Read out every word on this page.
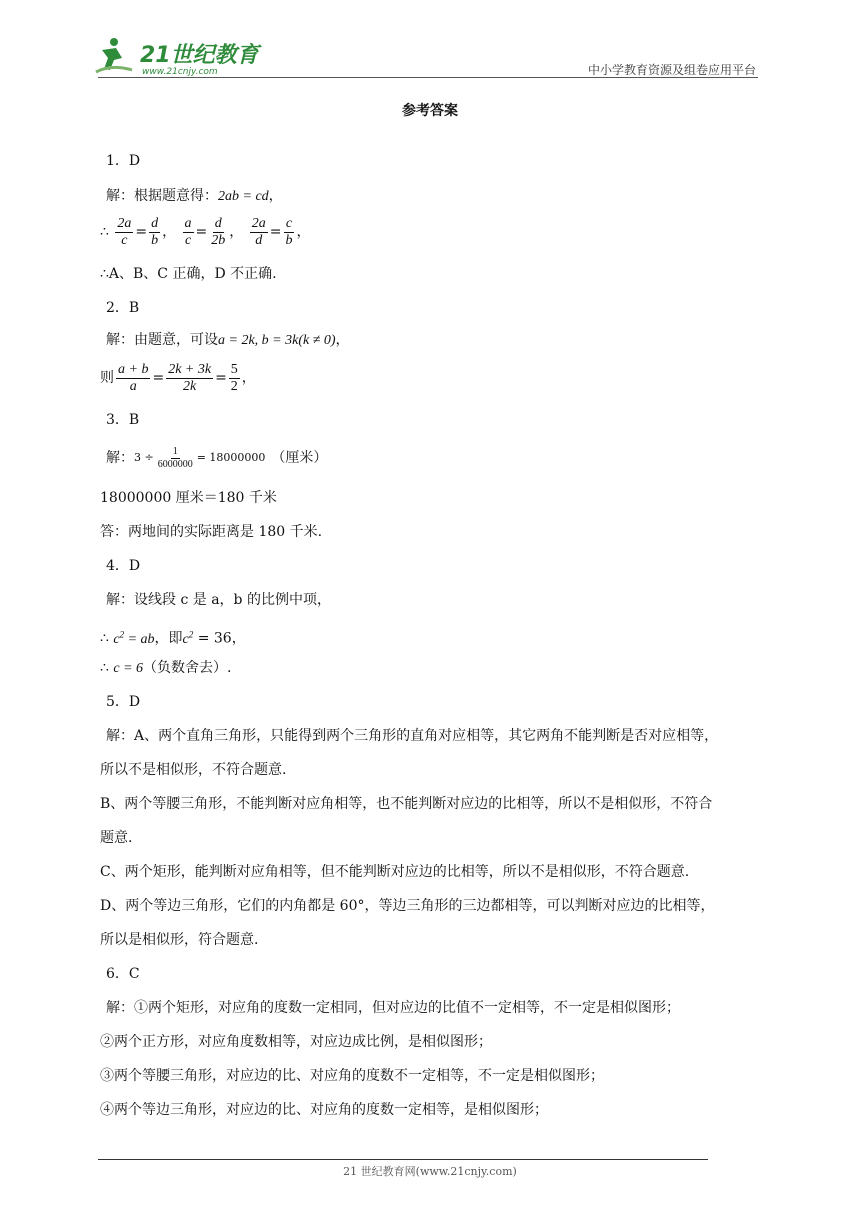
21世纪教育
www.21cnjy.com	中小学教育资源及组卷应用平台
参考答案
1．D
解：根据题意得：2ab = cd，
∴ $\frac{2a}{c} = \frac{d}{b}$ ， $\frac{a}{c} = \frac{d}{2b}$ ， $\frac{2a}{d} = \frac{c}{b}$ ，
∴A、B、C 正确，D 不正确.
2．B
解：由题意，可设a = 2k, b = 3k(k ≠ 0)，
则 $\frac{a + b}{a} = \frac{2k + 3k}{2k} = \frac{5}{2}$ ，
3．B
解： $3 \div \frac{1}{6000000} = 18000000$ （厘米）
18000000 厘米＝180 千米
答：两地间的实际距离是 180 千米.
4．D
解：设线段 c 是 a，b 的比例中项，
∴ $c^2$ = ab，即$c^2 = 36$，
∴ c = 6（负数舍去）.
5．D
解：A、两个直角三角形，只能得到两个三角形的直角对应相等，其它两角不能判断是否对应相等，
所以不是相似形，不符合题意.
B、两个等腰三角形，不能判断对应角相等，也不能判断对应边的比相等，所以不是相似形，不符合
题意.
C、两个矩形，能判断对应角相等，但不能判断对应边的比相等，所以不是相似形，不符合题意.
D、两个等边三角形，它们的内角都是 60°，等边三角形的三边都相等，可以判断对应边的比相等，
所以是相似形，符合题意.
6．C
解：①两个矩形，对应角的度数一定相同，但对应边的比值不一定相等，不一定是相似图形；
②两个正方形，对应角度数相等，对应边成比例，是相似图形；
③两个等腰三角形，对应边的比、对应角的度数不一定相等，不一定是相似图形；
④两个等边三角形，对应边的比、对应角的度数一定相等，是相似图形；
21 世纪教育网(www.21cnjy.com)
